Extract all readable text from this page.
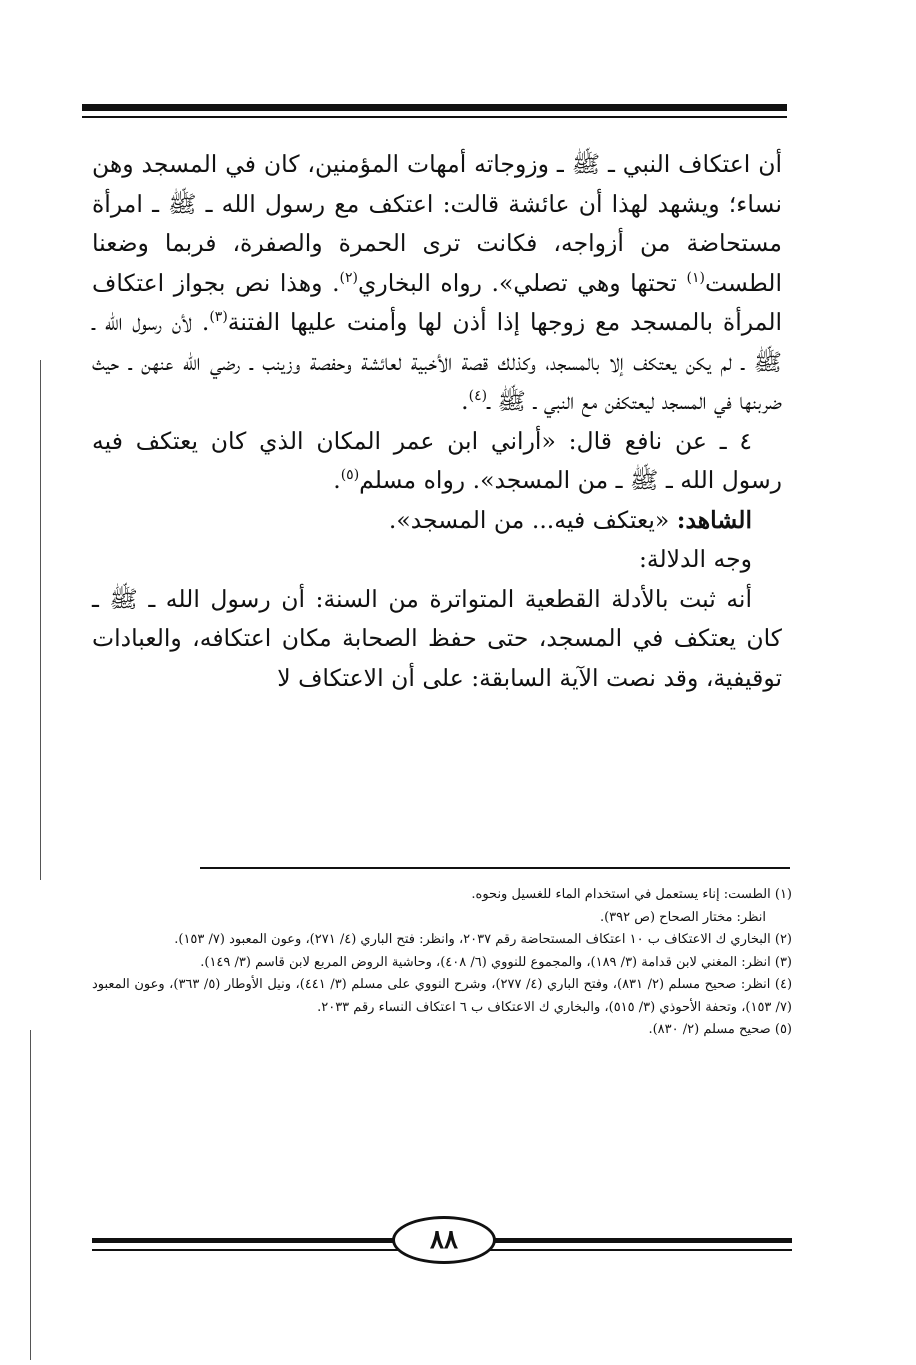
أن اعتكاف النبي ـ ﷺ ـ وزوجاته أمهات المؤمنين، كان في المسجد وهن نساء؛ ويشهد لهذا أن عائشة قالت: اعتكف مع رسول الله ـ ﷺ ـ امرأة مستحاضة من أزواجه، فكانت ترى الحمرة والصفرة، فربما وضعنا الطست$^{(١)}$ تحتها وهي تصلي». رواه البخاري$^{(٢)}$. وهذا نص بجواز اعتكاف المرأة بالمسجد مع زوجها إذا أذن لها وأمنت عليها الفتنة$^{(٣)}$. لأن رسول الله ـ ﷺ ـ لم يكن يعتكف إلا بالمسجد، وكذلك قصة الأخبية لعائشة وحفصة وزينب ـ رضي الله عنهن ـ حيث ضربنها في المسجد ليعتكفن مع النبي ـ ﷺ ـ$^{(٤)}$.

٤ ـ عن نافع قال: «أراني ابن عمر المكان الذي كان يعتكف فيه رسول الله ـ ﷺ ـ من المسجد». رواه مسلم$^{(٥)}$.

الشاهد: «يعتكف فيه... من المسجد».

وجه الدلالة:

أنه ثبت بالأدلة القطعية المتواترة من السنة: أن رسول الله ـ ﷺ ـ كان يعتكف في المسجد، حتى حفظ الصحابة مكان اعتكافه، والعبادات توقيفية، وقد نصت الآية السابقة: على أن الاعتكاف لا

(١) الطست: إناء يستعمل في استخدام الماء للغسيل ونحوه.

انظر: مختار الصحاح (ص ٣٩٢).

(٢) البخاري ك الاعتكاف ب ١٠ اعتكاف المستحاضة رقم ٢٠٣٧، وانظر: فتح الباري (٤/ ٢٧١)، وعون المعبود (٧/ ١٥٣).

(٣) انظر: المغني لابن قدامة (٣/ ١٨٩)، والمجموع للنووي (٦/ ٤٠٨)، وحاشية الروض المربع لابن قاسم (٣/ ١٤٩).

(٤) انظر: صحيح مسلم (٢/ ٨٣١)، وفتح الباري (٤/ ٢٧٧)، وشرح النووي على مسلم (٣/ ٤٤١)، ونيل الأوطار (٥/ ٣٦٣)، وعون المعبود (٧/ ١٥٣)، وتحفة الأحوذي (٣/ ٥١٥)، والبخاري ك الاعتكاف ب ٦ اعتكاف النساء رقم ٢٠٣٣.

(٥) صحيح مسلم (٢/ ٨٣٠).

٨٨
